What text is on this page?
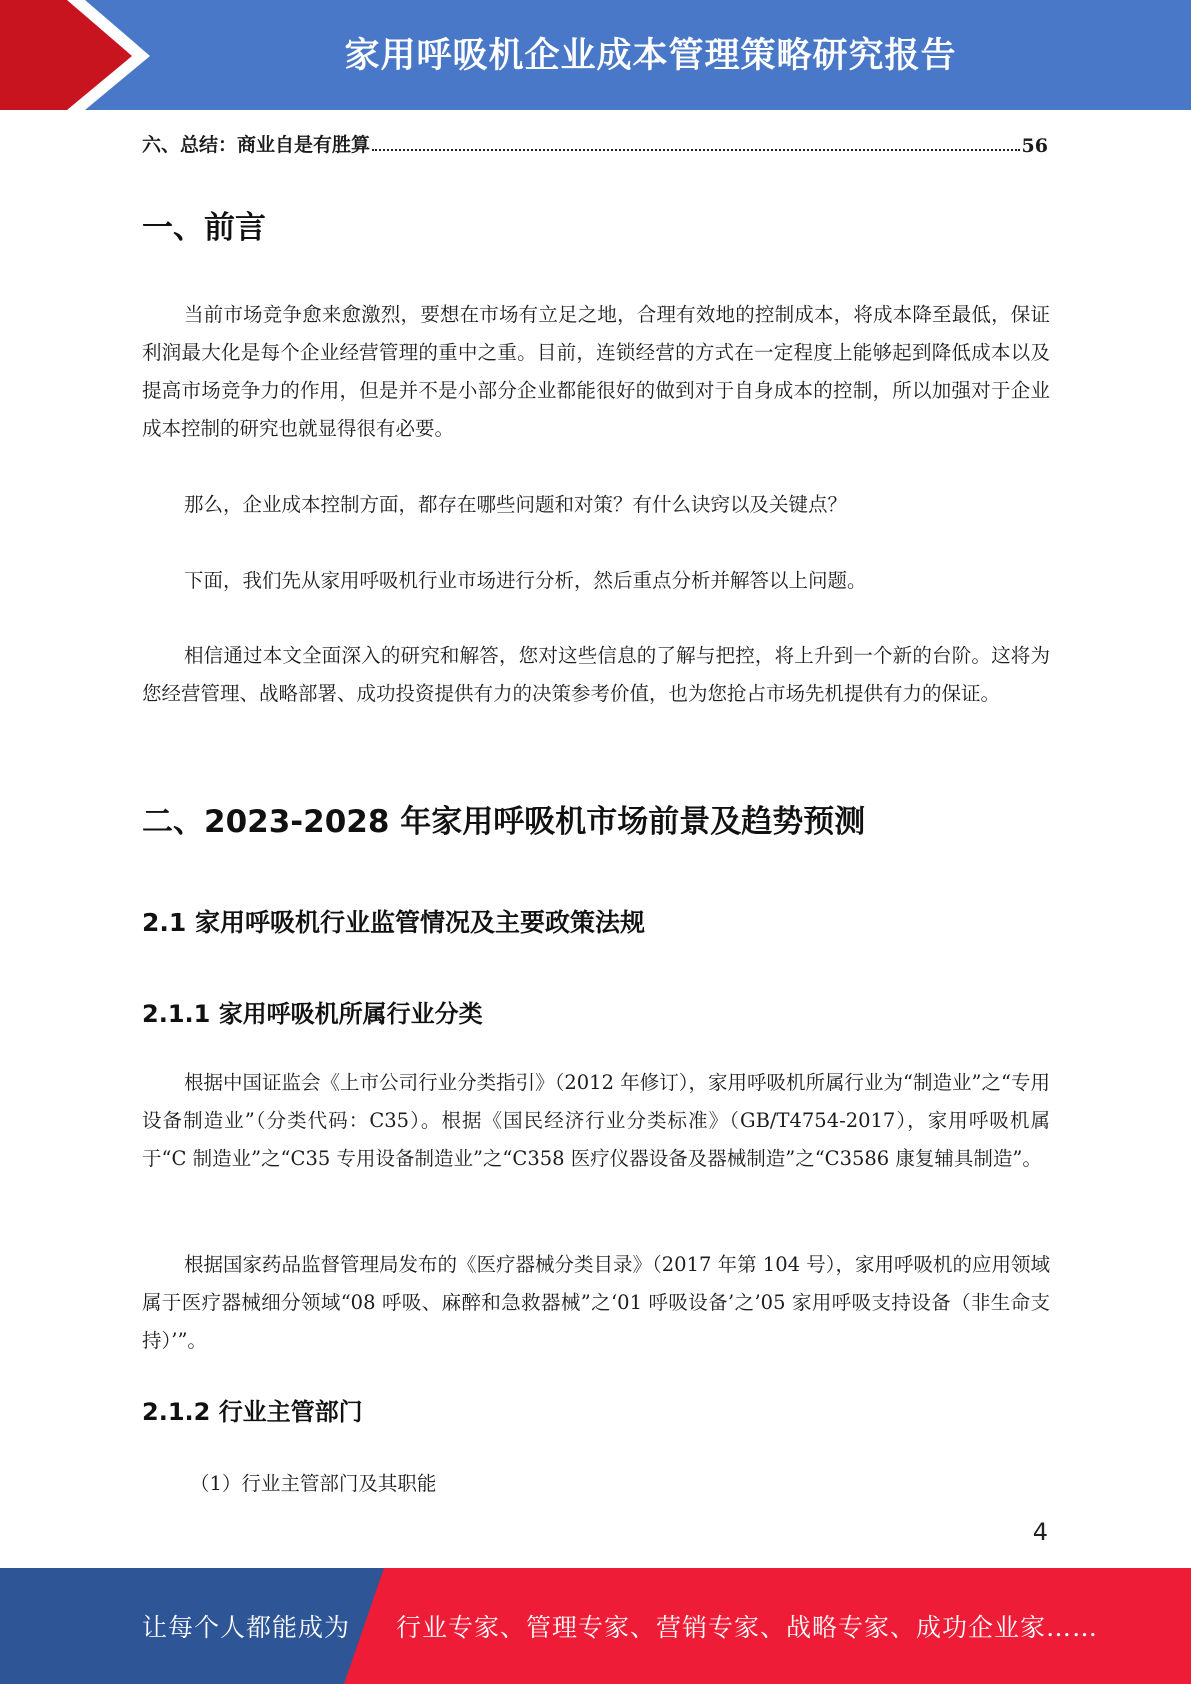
家用呼吸机企业成本管理策略研究报告
六、总结：商业自是有胜算	56
一、前言

当前市场竞争愈来愈激烈，要想在市场有立足之地，合理有效地的控制成本，将成本降至最低，保证利润最大化是每个企业经营管理的重中之重。目前，连锁经营的方式在一定程度上能够起到降低成本以及提高市场竞争力的作用，但是并不是小部分企业都能很好的做到对于自身成本的控制，所以加强对于企业成本控制的研究也就显得很有必要。

那么，企业成本控制方面，都存在哪些问题和对策？有什么诀窍以及关键点？

下面，我们先从家用呼吸机行业市场进行分析，然后重点分析并解答以上问题。

相信通过本文全面深入的研究和解答，您对这些信息的了解与把控，将上升到一个新的台阶。这将为您经营管理、战略部署、成功投资提供有力的决策参考价值，也为您抢占市场先机提供有力的保证。

二、2023-2028 年家用呼吸机市场前景及趋势预测
2.1 家用呼吸机行业监管情况及主要政策法规
2.1.1 家用呼吸机所属行业分类

根据中国证监会《上市公司行业分类指引》（2012 年修订），家用呼吸机所属行业为“制造业”之“专用设备制造业”（分类代码：C35）。根据《国民经济行业分类标准》（GB/T4754-2017），家用呼吸机属于“C 制造业”之“C35 专用设备制造业”之“C358 医疗仪器设备及器械制造”之“C3586 康复辅具制造”。

根据国家药品监督管理局发布的《医疗器械分类目录》（2017 年第 104 号），家用呼吸机的应用领域属于医疗器械细分领域“08 呼吸、麻醉和急救器械”之‘01 呼吸设备’之’05 家用呼吸支持设备（非生命支持）’”。

2.1.2 行业主管部门

（1）行业主管部门及其职能

4
让每个人都能成为 行业专家、管理专家、营销专家、战略专家、成功企业家……
